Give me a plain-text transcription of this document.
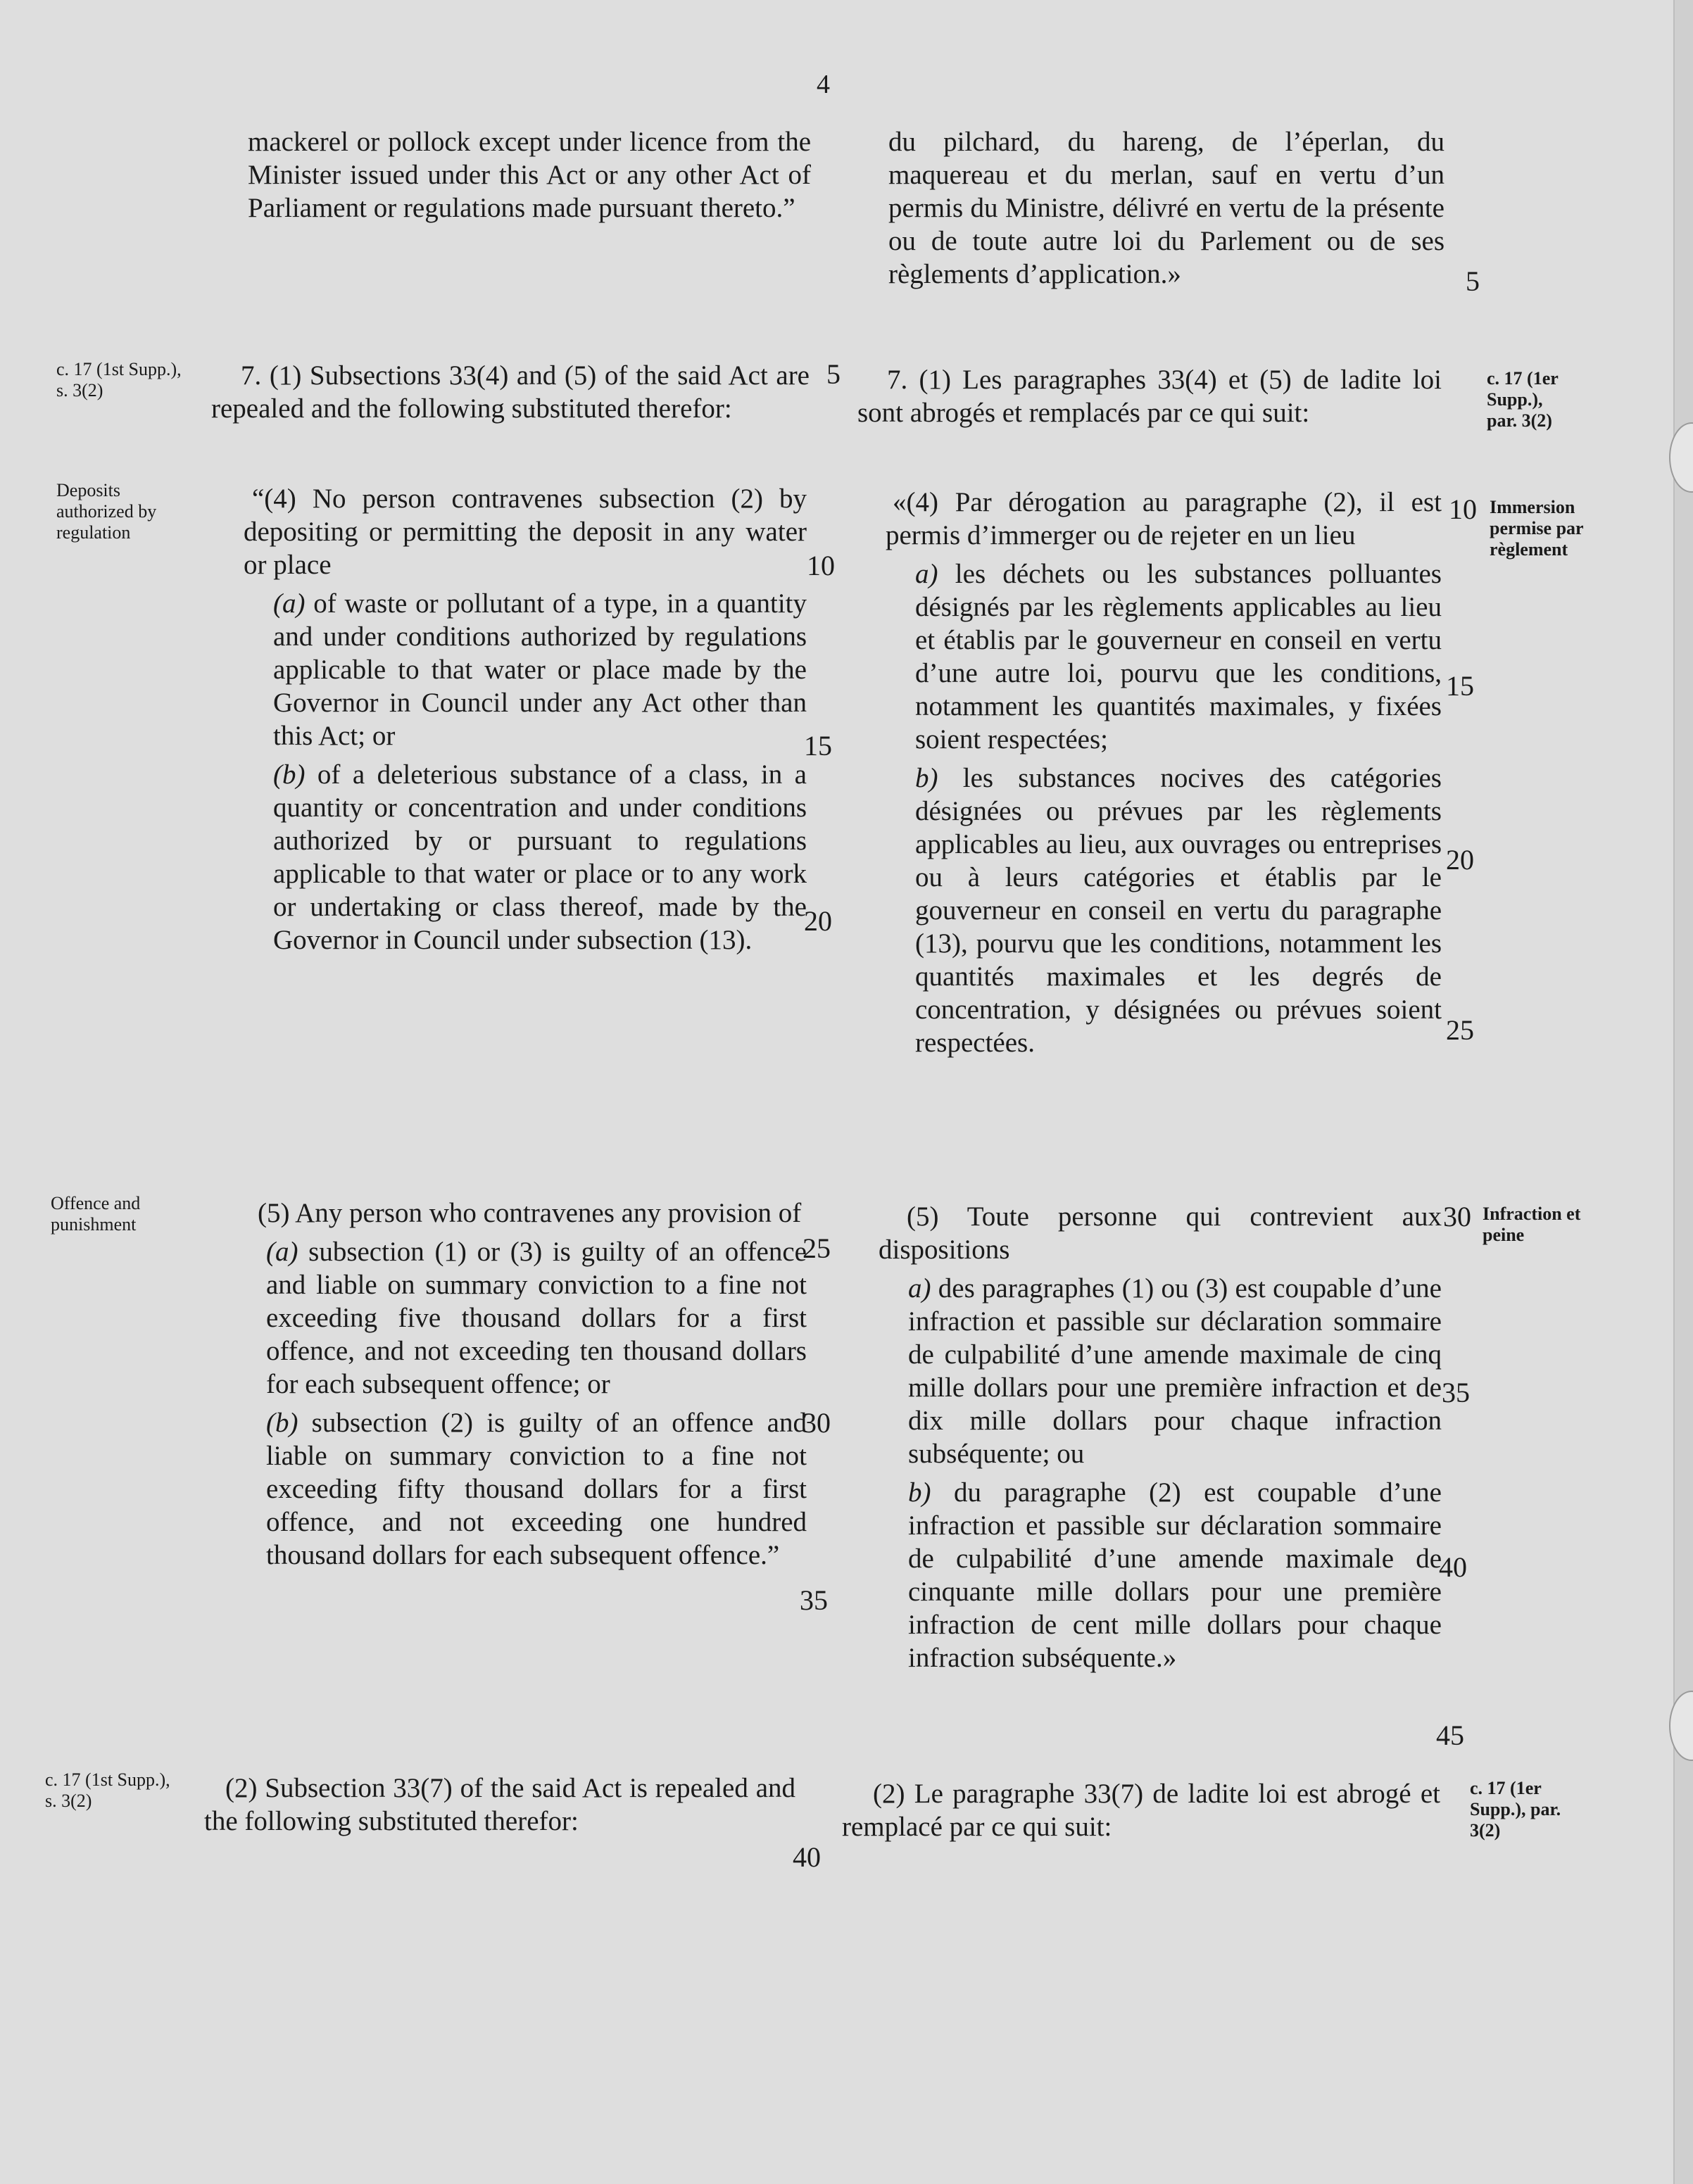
4

mackerel or pollock except under licence from the Minister issued under this Act or any other Act of Parliament or regulations made pursuant thereto.”

7. (1) Subsections 33(4) and (5) of the said Act are repealed and the following substituted therefor:

“(4) No person contravenes subsection (2) by depositing or permitting the deposit in any water or place

(a) of waste or pollutant of a type, in a quantity and under conditions authorized by regulations applicable to that water or place made by the Governor in Council under any Act other than this Act; or

(b) of a deleterious substance of a class, in a quantity or concentration and under conditions authorized by or pursuant to regulations applicable to that water or place or to any work or undertaking or class thereof, made by the Governor in Council under subsection (13).

(5) Any person who contravenes any provision of

(a) subsection (1) or (3) is guilty of an offence and liable on summary conviction to a fine not exceeding five thousand dollars for a first offence, and not exceeding ten thousand dollars for each subsequent offence; or

(b) subsection (2) is guilty of an offence and liable on summary conviction to a fine not exceeding fifty thousand dollars for a first offence, and not exceeding one hundred thousand dollars for each subsequent offence.”

(2) Subsection 33(7) of the said Act is repealed and the following substituted therefor:

du pilchard, du hareng, de l’éperlan, du maquereau et du merlan, sauf en vertu d’un permis du Ministre, délivré en vertu de la présente ou de toute autre loi du Parlement ou de ses règlements d’application.»

7. (1) Les paragraphes 33(4) et (5) de ladite loi sont abrogés et remplacés par ce qui suit:

«(4) Par dérogation au paragraphe (2), il est permis d’immerger ou de rejeter en un lieu

a) les déchets ou les substances polluantes désignés par les règlements applicables au lieu et établis par le gouverneur en conseil en vertu d’une autre loi, pourvu que les conditions, notamment les quantités maximales, y fixées soient respectées;

b) les substances nocives des catégories désignées ou prévues par les règlements applicables au lieu, aux ouvrages ou entreprises ou à leurs catégories et établis par le gouverneur en conseil en vertu du paragraphe (13), pourvu que les conditions, notamment les quantités maximales et les degrés de concentration, y désignées ou prévues soient respectées.

(5) Toute personne qui contrevient aux dispositions

a) des paragraphes (1) ou (3) est coupable d’une infraction et passible sur déclaration sommaire de culpabilité d’une amende maximale de cinq mille dollars pour une première infraction et de dix mille dollars pour chaque infraction subséquente; ou

b) du paragraphe (2) est coupable d’une infraction et passible sur déclaration sommaire de culpabilité d’une amende maximale de cinquante mille dollars pour une première infraction de cent mille dollars pour chaque infraction subséquente.»

(2) Le paragraphe 33(7) de ladite loi est abrogé et remplacé par ce qui suit:

c. 17 (1st Supp.), s. 3(2)
Deposits authorized by regulation
Offence and punishment
c. 17 (1st Supp.), s. 3(2)
c. 17 (1er Supp.), par. 3(2)
Immersion permise par règlement
Infraction et peine
c. 17 (1er Supp.), par. 3(2)
5
10
15
20
25
30
35
40
5
10
15
20
25
30
35
40
45
